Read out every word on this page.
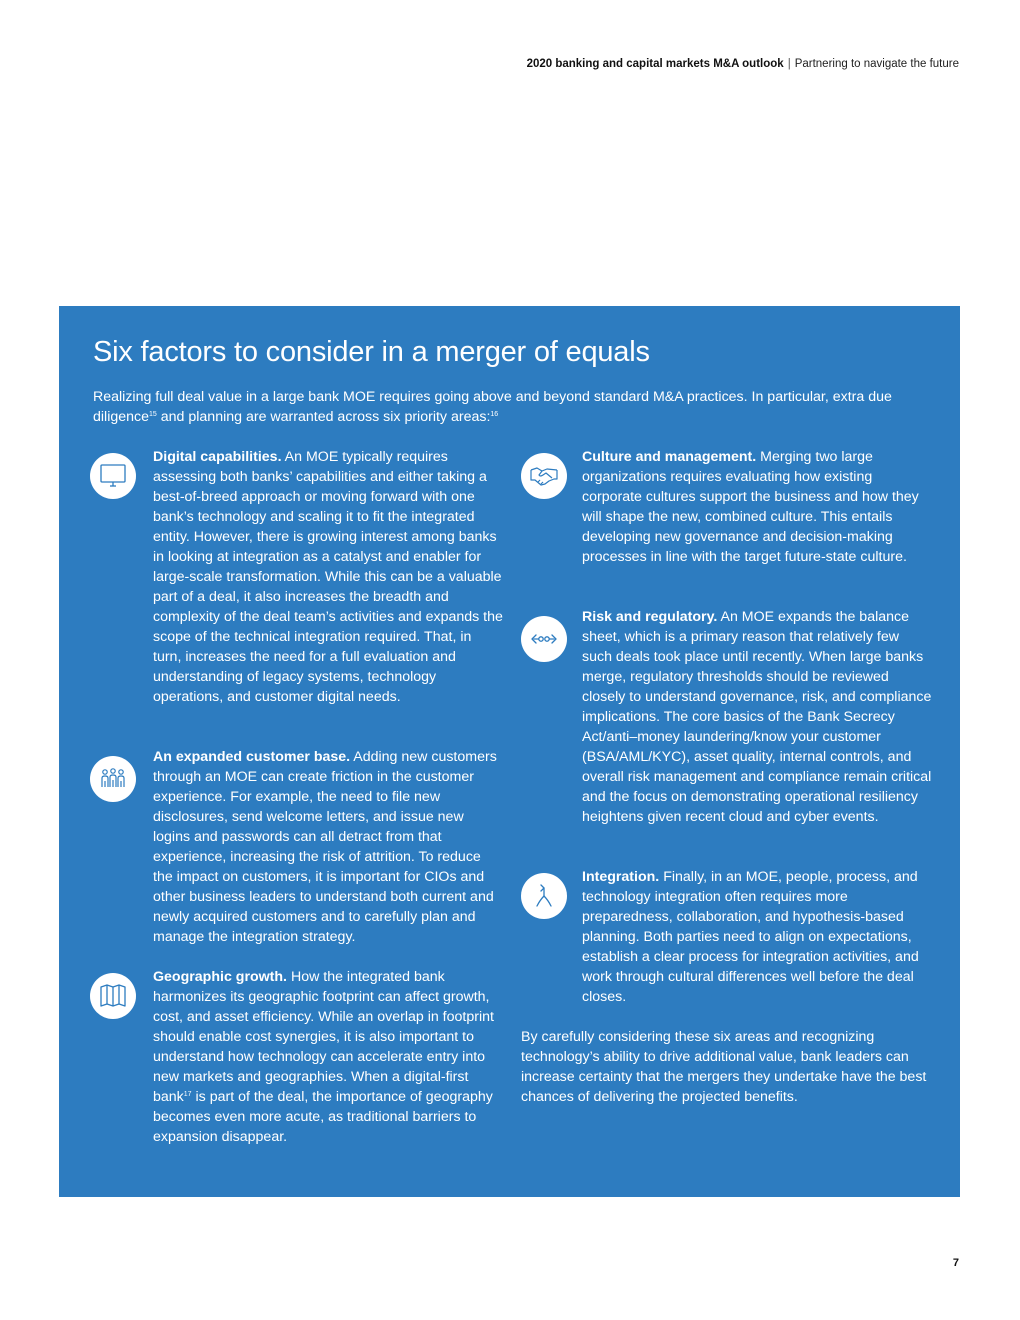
2020 banking and capital markets M&A outlook | Partnering to navigate the future
Six factors to consider in a merger of equals

Realizing full deal value in a large bank MOE requires going above and beyond standard M&A practices. In particular, extra due diligence$^{15}$ and planning are warranted across six priority areas:$^{16}$

Digital capabilities. An MOE typically requires assessing both banks’ capabilities and either taking a best-of-breed approach or moving forward with one bank’s technology and scaling it to fit the integrated entity. However, there is growing interest among banks in looking at integration as a catalyst and enabler for large-scale transformation. While this can be a valuable part of a deal, it also increases the breadth and complexity of the deal team’s activities and expands the scope of the technical integration required. That, in turn, increases the need for a full evaluation and understanding of legacy systems, technology operations, and customer digital needs.

An expanded customer base. Adding new customers through an MOE can create friction in the customer experience. For example, the need to file new disclosures, send welcome letters, and issue new logins and passwords can all detract from that experience, increasing the risk of attrition. To reduce the impact on customers, it is important for CIOs and other business leaders to understand both current and newly acquired customers and to carefully plan and manage the integration strategy.

Geographic growth. How the integrated bank harmonizes its geographic footprint can affect growth, cost, and asset efficiency. While an overlap in footprint should enable cost synergies, it is also important to understand how technology can accelerate entry into new markets and geographies. When a digital-first bank$^{17}$ is part of the deal, the importance of geography becomes even more acute, as traditional barriers to expansion disappear.

Culture and management. Merging two large organizations requires evaluating how existing corporate cultures support the business and how they will shape the new, combined culture. This entails developing new governance and decision-making processes in line with the target future-state culture.

Risk and regulatory. An MOE expands the balance sheet, which is a primary reason that relatively few such deals took place until recently. When large banks merge, regulatory thresholds should be reviewed closely to understand governance, risk, and compliance implications. The core basics of the Bank Secrecy Act/anti–money laundering/know your customer (BSA/AML/KYC), asset quality, internal controls, and overall risk management and compliance remain critical and the focus on demonstrating operational resiliency heightens given recent cloud and cyber events.

Integration. Finally, in an MOE, people, process, and technology integration often requires more preparedness, collaboration, and hypothesis-based planning. Both parties need to align on expectations, establish a clear process for integration activities, and work through cultural differences well before the deal closes.

By carefully considering these six areas and recognizing technology’s ability to drive additional value, bank leaders can increase certainty that the mergers they undertake have the best chances of delivering the projected benefits.

7
